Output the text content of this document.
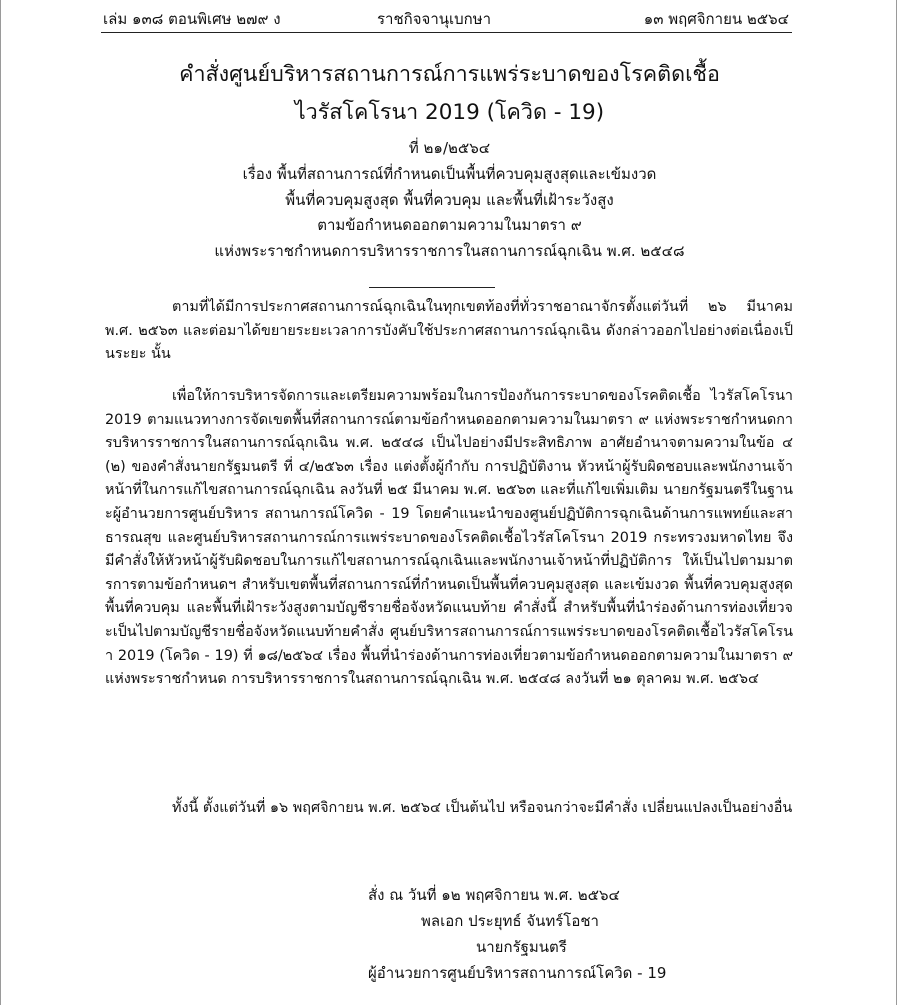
เล่ม ๑๓๘ ตอนพิเศษ ๒๗๙ ง	ราชกิจจานุเบกษา	๑๓ พฤศจิกายน ๒๕๖๔
คำสั่งศูนย์บริหารสถานการณ์การแพร่ระบาดของโรคติดเชื้อ
ไวรัสโคโรนา 2019 (โควิด - 19)
ที่ ๒๑/๒๕๖๔
เรื่อง พื้นที่สถานการณ์ที่กำหนดเป็นพื้นที่ควบคุมสูงสุดและเข้มงวด
พื้นที่ควบคุมสูงสุด พื้นที่ควบคุม และพื้นที่เฝ้าระวังสูง
ตามข้อกำหนดออกตามความในมาตรา ๙
แห่งพระราชกำหนดการบริหารราชการในสถานการณ์ฉุกเฉิน พ.ศ. ๒๕๔๘

ตามที่ได้มีการประกาศสถานการณ์ฉุกเฉินในทุกเขตท้องที่ทั่วราชอาณาจักรตั้งแต่วันที่ ๒๖ มีนาคม พ.ศ. ๒๕๖๓ และต่อมาได้ขยายระยะเวลาการบังคับใช้ประกาศสถานการณ์ฉุกเฉิน ดังกล่าวออกไปอย่างต่อเนื่องเป็นระยะ นั้น

เพื่อให้การบริหารจัดการและเตรียมความพร้อมในการป้องกันการระบาดของโรคติดเชื้อ ไวรัสโคโรนา 2019 ตามแนวทางการจัดเขตพื้นที่สถานการณ์ตามข้อกำหนดออกตามความในมาตรา ๙ แห่งพระราชกำหนดการบริหารราชการในสถานการณ์ฉุกเฉิน พ.ศ. ๒๕๔๘ เป็นไปอย่างมีประสิทธิภาพ อาศัยอำนาจตามความในข้อ ๔ (๒) ของคำสั่งนายกรัฐมนตรี ที่ ๔/๒๕๖๓ เรื่อง แต่งตั้งผู้กำกับ การปฏิบัติงาน หัวหน้าผู้รับผิดชอบและพนักงานเจ้าหน้าที่ในการแก้ไขสถานการณ์ฉุกเฉิน ลงวันที่ ๒๕ มีนาคม พ.ศ. ๒๕๖๓ และที่แก้ไขเพิ่มเติม นายกรัฐมนตรีในฐานะผู้อำนวยการศูนย์บริหาร สถานการณ์โควิด - 19 โดยคำแนะนำของศูนย์ปฏิบัติการฉุกเฉินด้านการแพทย์และสาธารณสุข และศูนย์บริหารสถานการณ์การแพร่ระบาดของโรคติดเชื้อไวรัสโคโรนา 2019 กระทรวงมหาดไทย จึงมีคำสั่งให้หัวหน้าผู้รับผิดชอบในการแก้ไขสถานการณ์ฉุกเฉินและพนักงานเจ้าหน้าที่ปฏิบัติการ ให้เป็นไปตามมาตรการตามข้อกำหนดฯ สำหรับเขตพื้นที่สถานการณ์ที่กำหนดเป็นพื้นที่ควบคุมสูงสุด และเข้มงวด พื้นที่ควบคุมสูงสุด พื้นที่ควบคุม และพื้นที่เฝ้าระวังสูงตามบัญชีรายชื่อจังหวัดแนบท้าย คำสั่งนี้ สำหรับพื้นที่นำร่องด้านการท่องเที่ยวจะเป็นไปตามบัญชีรายชื่อจังหวัดแนบท้ายคำสั่ง ศูนย์บริหารสถานการณ์การแพร่ระบาดของโรคติดเชื้อไวรัสโคโรนา 2019 (โควิด - 19) ที่ ๑๘/๒๕๖๔ เรื่อง พื้นที่นำร่องด้านการท่องเที่ยวตามข้อกำหนดออกตามความในมาตรา ๙ แห่งพระราชกำหนด การบริหารราชการในสถานการณ์ฉุกเฉิน พ.ศ. ๒๕๔๘ ลงวันที่ ๒๑ ตุลาคม พ.ศ. ๒๕๖๔

ทั้งนี้ ตั้งแต่วันที่ ๑๖ พฤศจิกายน พ.ศ. ๒๕๖๔ เป็นต้นไป หรือจนกว่าจะมีคำสั่ง เปลี่ยนแปลงเป็นอย่างอื่น

สั่ง ณ วันที่ ๑๒ พฤศจิกายน พ.ศ. ๒๕๖๔
พลเอก ประยุทธ์ จันทร์โอชา
นายกรัฐมนตรี
ผู้อำนวยการศูนย์บริหารสถานการณ์โควิด - 19
